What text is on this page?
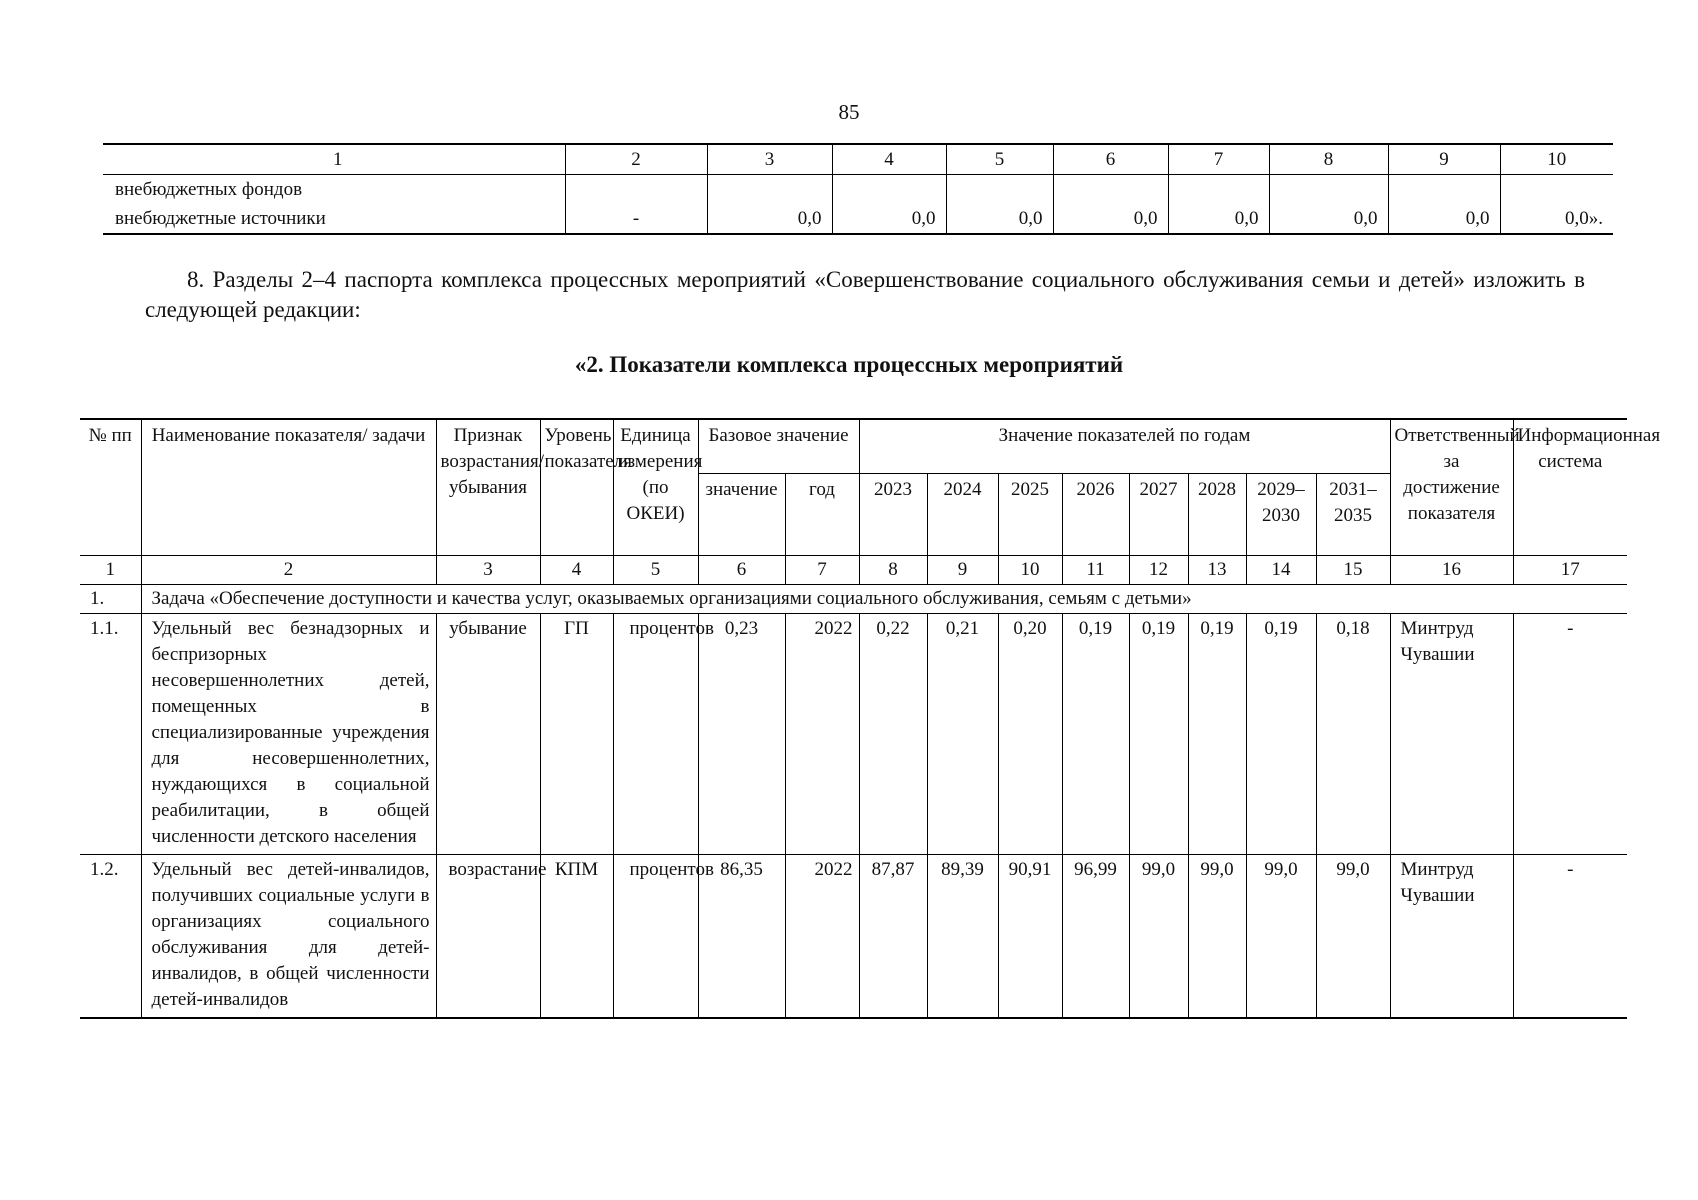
85
1	2	3	4	5	6	7	8	9	10
внебюджетных фондов									
внебюджетные источники	-	0,0	0,0	0,0	0,0	0,0	0,0	0,0	0,0».

8. Разделы 2–4 паспорта комплекса процессных мероприятий «Совершенствование социального обслуживания семьи и детей» изложить в следующей редакции:

«2. Показатели комплекса процессных мероприятий
№ пп	Наименование показателя/ задачи	Признак возрастания/ убывания	Уровень показателя	Единица измерения (по ОКЕИ)	Базовое значение		Значение показателей по годам								Ответственный за достижение показателя	Информационная система
					значение	год	2023	2024	2025	2026	2027	2028	2029–2030	2031–2035		
1	2	3	4	5	6	7	8	9	10	11	12	13	14	15	16	17
1.	Задача «Обеспечение доступности и качества услуг, оказываемых организациями социального обслуживания, семьям с детьми»															
1.1.	Удельный вес безнадзорных и беспризорных несовершеннолетних детей, помещенных в специализированные учреждения для несовершеннолетних, нуждающихся в социальной реабилитации, в общей численности детского населения	убывание	ГП	процентов	0,23	2022	0,22	0,21	0,20	0,19	0,19	0,19	0,19	0,18	Минтруд Чувашии	-
1.2.	Удельный вес детей-инвалидов, получивших социальные услуги в организациях социального обслуживания для детей-инвалидов, в общей численности детей-инвалидов	возрастание	КПМ	процентов	86,35	2022	87,87	89,39	90,91	96,99	99,0	99,0	99,0	99,0	Минтруд Чувашии	-
